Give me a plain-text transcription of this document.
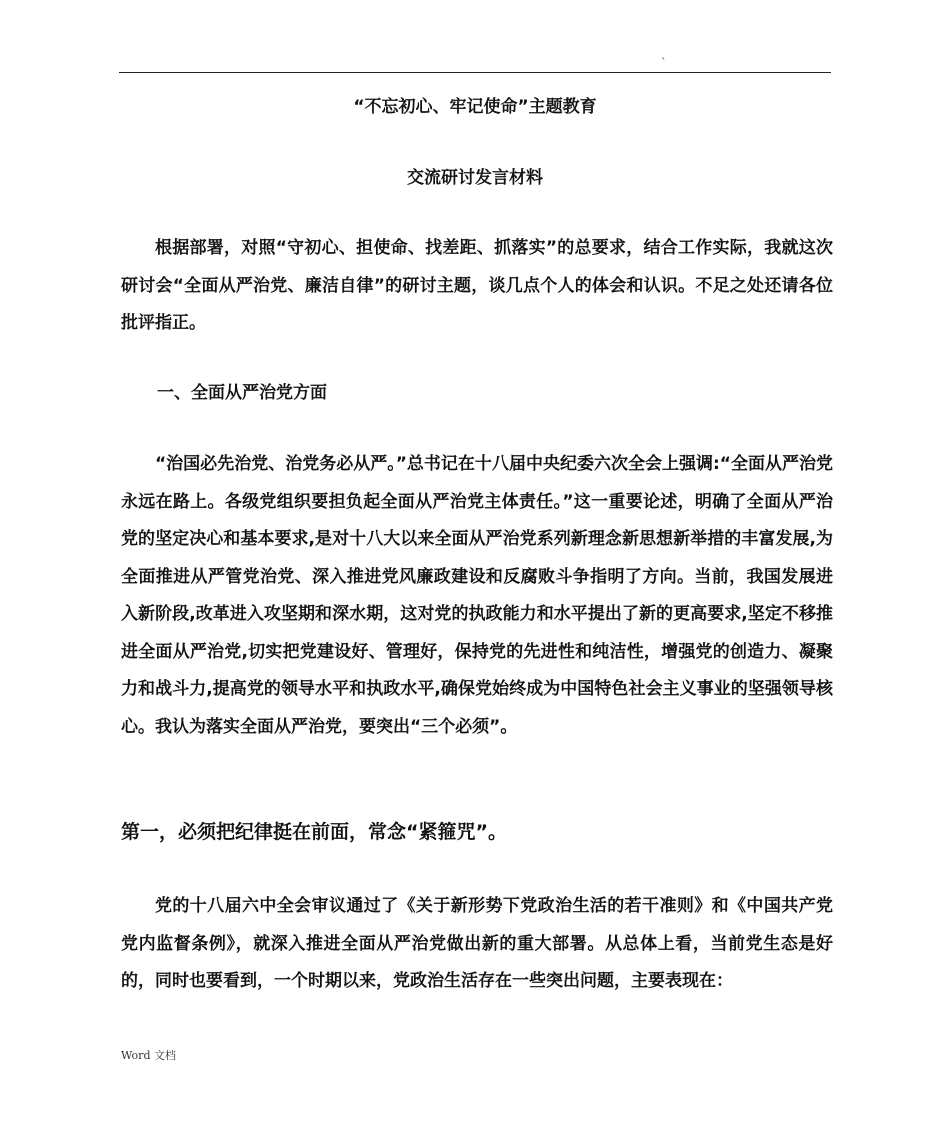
`
“不忘初心、牢记使命”主题教育
交流研讨发言材料

根据部署，对照“守初心、担使命、找差距、抓落实”的总要求，结合工作实际，我就这次研讨会“全面从严治党、廉洁自律”的研讨主题，谈几点个人的体会和认识。不足之处还请各位批评指正。

一、全面从严治党方面

“治国必先治党、治党务必从严。”总书记在十八届中央纪委六次全会上强调:“全面从严治党永远在路上。各级党组织要担负起全面从严治党主体责任。”这一重要论述，明确了全面从严治党的坚定决心和基本要求,是对十八大以来全面从严治党系列新理念新思想新举措的丰富发展,为全面推进从严管党治党、深入推进党风廉政建设和反腐败斗争指明了方向。当前，我国发展进入新阶段,改革进入攻坚期和深水期，这对党的执政能力和水平提出了新的更高要求,坚定不移推进全面从严治党,切实把党建设好、管理好，保持党的先进性和纯洁性，增强党的创造力、凝聚力和战斗力,提高党的领导水平和执政水平,确保党始终成为中国特色社会主义事业的坚强领导核心。我认为落实全面从严治党，要突出“三个必须”。

第一，必须把纪律挺在前面，常念“紧箍咒”。

党的十八届六中全会审议通过了《关于新形势下党政治生活的若干准则》和《中国共产党党内监督条例》，就深入推进全面从严治党做出新的重大部署。从总体上看，当前党生态是好的，同时也要看到，一个时期以来，党政治生活存在一些突出问题，主要表现在：

Word 文档
